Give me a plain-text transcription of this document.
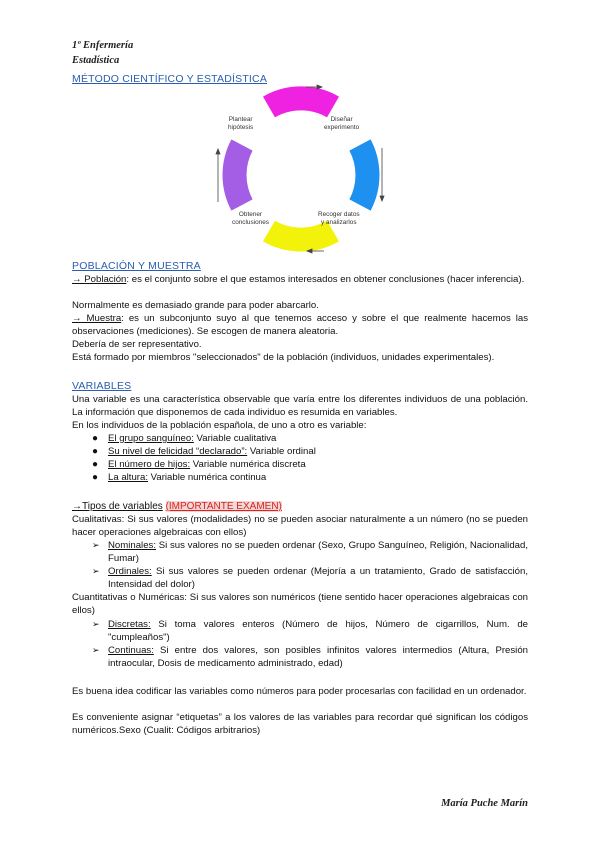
1º Enfermería
Estadística
MÉTODO CIENTÍFICO Y ESTADÍSTICA
Plantear
hipótesis
Diseñar
experimento
Recoger datos
y analizarlos
Obtener
conclusiones
POBLACIÓN Y MUESTRA

→ Población: es el conjunto sobre el que estamos interesados en obtener conclusiones (hacer inferencia).

Normalmente es demasiado grande para poder abarcarlo.

→ Muestra: es un subconjunto suyo al que tenemos acceso y sobre el que realmente hacemos las observaciones (mediciones). Se escogen de manera aleatoria.

Debería de ser representativo.

Está formado por miembros "seleccionados" de la población (individuos, unidades experimentales).

VARIABLES

Una variable es una característica observable que varía entre los diferentes individuos de una población. La información que disponemos de cada individuo es resumida en variables.

En los individuos de la población española, de uno a otro es variable:

● El grupo sanguíneo: Variable cualitativa
● Su nivel de felicidad “declarado”: Variable ordinal
● El número de hijos: Variable numérica discreta
● La altura: Variable numérica continua
→Tipos de variables (IMPORTANTE EXAMEN)

Cualitativas: Si sus valores (modalidades) no se pueden asociar naturalmente a un número (no se pueden hacer operaciones algebraicas con ellos)

➢ Nominales: Si sus valores no se pueden ordenar (Sexo, Grupo Sanguíneo, Religión, Nacionalidad, Fumar)
➢ Ordinales: Si sus valores se pueden ordenar (Mejoría a un tratamiento, Grado de satisfacción, Intensidad del dolor)

Cuantitativas o Numéricas: Si sus valores son numéricos (tiene sentido hacer operaciones algebraicas con ellos)

➢ Discretas: Si toma valores enteros (Número de hijos, Número de cigarrillos, Num. de "cumpleaños")
➢ Continuas: Si entre dos valores, son posibles infinitos valores intermedios (Altura, Presión intraocular, Dosis de medicamento administrado, edad)

Es buena idea codificar las variables como números para poder procesarlas con facilidad en un ordenador.

Es conveniente asignar “etiquetas” a los valores de las variables para recordar qué significan los códigos numéricos.Sexo (Cualit: Códigos arbitrarios)

María Puche Marín
